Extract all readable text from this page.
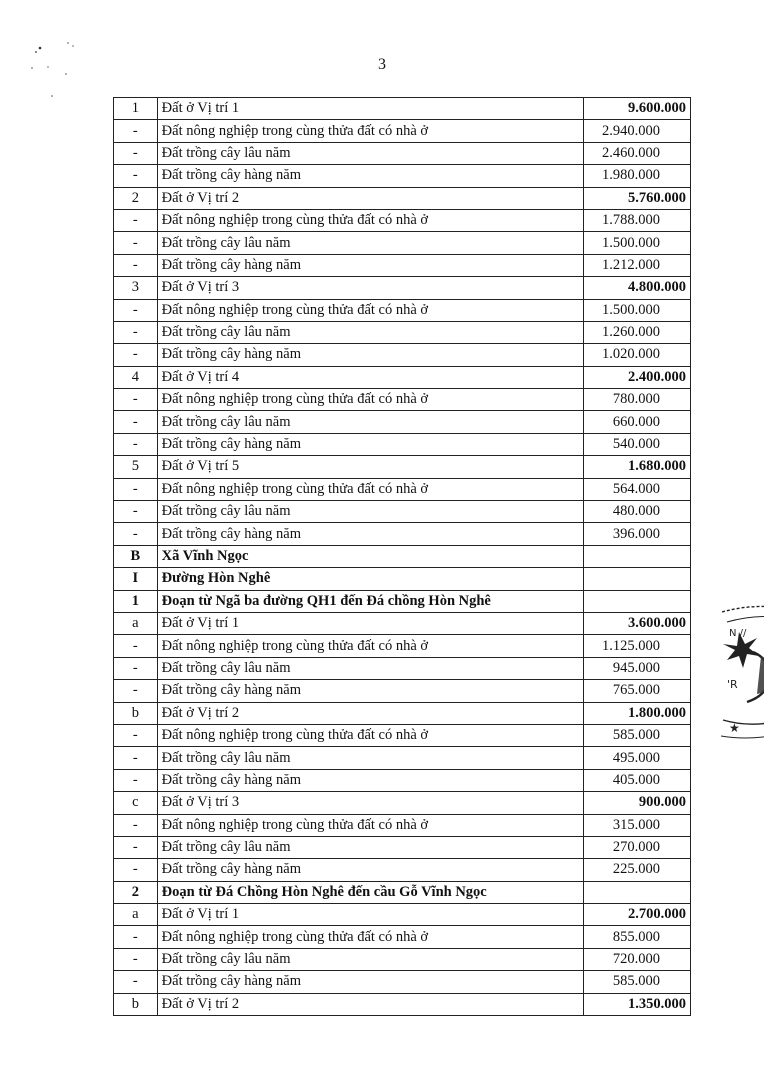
3
1	Đất ở Vị trí 1	9.600.000
-	Đất nông nghiệp trong cùng thửa đất có nhà ở	2.940.000
-	Đất trồng cây lâu năm	2.460.000
-	Đất trồng cây hàng năm	1.980.000
2	Đất ở Vị trí 2	5.760.000
-	Đất nông nghiệp trong cùng thửa đất có nhà ở	1.788.000
-	Đất trồng cây lâu năm	1.500.000
-	Đất trồng cây hàng năm	1.212.000
3	Đất ở Vị trí 3	4.800.000
-	Đất nông nghiệp trong cùng thửa đất có nhà ở	1.500.000
-	Đất trồng cây lâu năm	1.260.000
-	Đất trồng cây hàng năm	1.020.000
4	Đất ở Vị trí 4	2.400.000
-	Đất nông nghiệp trong cùng thửa đất có nhà ở	780.000
-	Đất trồng cây lâu năm	660.000
-	Đất trồng cây hàng năm	540.000
5	Đất ở Vị trí 5	1.680.000
-	Đất nông nghiệp trong cùng thửa đất có nhà ở	564.000
-	Đất trồng cây lâu năm	480.000
-	Đất trồng cây hàng năm	396.000
B	Xã Vĩnh Ngọc	
I	Đường Hòn Nghê	
1	Đoạn từ Ngã ba đường QH1 đến Đá chồng Hòn Nghê	
a	Đất ở Vị trí 1	3.600.000
-	Đất nông nghiệp trong cùng thửa đất có nhà ở	1.125.000
-	Đất trồng cây lâu năm	945.000
-	Đất trồng cây hàng năm	765.000
b	Đất ở Vị trí 2	1.800.000
-	Đất nông nghiệp trong cùng thửa đất có nhà ở	585.000
-	Đất trồng cây lâu năm	495.000
-	Đất trồng cây hàng năm	405.000
c	Đất ở Vị trí 3	900.000
-	Đất nông nghiệp trong cùng thửa đất có nhà ở	315.000
-	Đất trồng cây lâu năm	270.000
-	Đất trồng cây hàng năm	225.000
2	Đoạn từ Đá Chồng Hòn Nghê đến cầu Gỗ Vĩnh Ngọc	
a	Đất ở Vị trí 1	2.700.000
-	Đất nông nghiệp trong cùng thửa đất có nhà ở	855.000
-	Đất trồng cây lâu năm	720.000
-	Đất trồng cây hàng năm	585.000
b	Đất ở Vị trí 2	1.350.000
N //
'R
★
